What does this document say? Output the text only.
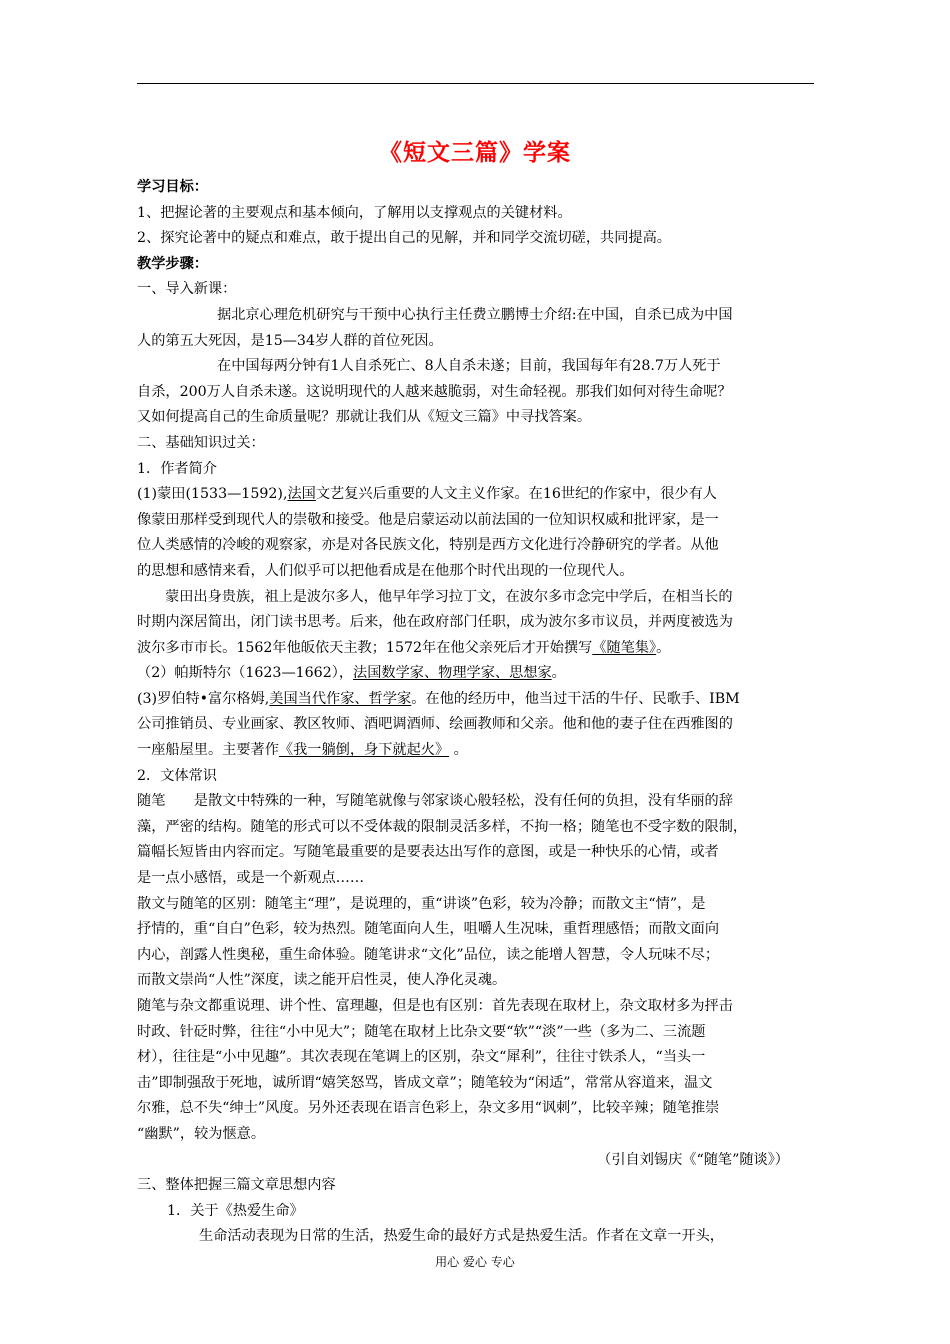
《短文三篇》学案

学习目标：

1、把握论著的主要观点和基本倾向，了解用以支撑观点的关键材料。

2、探究论著中的疑点和难点，敢于提出自己的见解，并和同学交流切磋，共同提高。

教学步骤：

一、导入新课：

据北京心理危机研究与干预中心执行主任费立鹏博士介绍:在中国，自杀已成为中国

人的第五大死因，是15—34岁人群的首位死因。

在中国每两分钟有1人自杀死亡、8人自杀未遂；目前，我国每年有28.7万人死于

自杀，200万人自杀未遂。这说明现代的人越来越脆弱，对生命轻视。那我们如何对待生命呢？

又如何提高自己的生命质量呢？那就让我们从《短文三篇》中寻找答案。

二、基础知识过关：

1．作者简介

(1)蒙田(1533—1592),法国文艺复兴后重要的人文主义作家。在16世纪的作家中，很少有人

像蒙田那样受到现代人的崇敬和接受。他是启蒙运动以前法国的一位知识权威和批评家，是一

位人类感情的冷峻的观察家，亦是对各民族文化，特别是西方文化进行冷静研究的学者。从他

的思想和感情来看，人们似乎可以把他看成是在他那个时代出现的一位现代人。

蒙田出身贵族，祖上是波尔多人，他早年学习拉丁文，在波尔多市念完中学后，在相当长的

时期内深居简出，闭门读书思考。后来，他在政府部门任职，成为波尔多市议员，并两度被选为

波尔多市市长。1562年他皈依天主教；1572年在他父亲死后才开始撰写《随笔集》。

（2）帕斯特尔（1623—1662），法国数学家、物理学家、思想家。

(3)罗伯特•富尔格姆,美国当代作家、哲学家。在他的经历中，他当过干活的牛仔、民歌手、IBM

公司推销员、专业画家、教区牧师、酒吧调酒师、绘画教师和父亲。他和他的妻子住在西雅图的

一座船屋里。主要著作《我一躺倒，身下就起火》 。

2．文体常识

随笔　　是散文中特殊的一种，写随笔就像与邻家谈心般轻松，没有任何的负担，没有华丽的辞

藻，严密的结构。随笔的形式可以不受体裁的限制灵活多样，不拘一格；随笔也不受字数的限制，

篇幅长短皆由内容而定。写随笔最重要的是要表达出写作的意图，或是一种快乐的心情，或者

是一点小感悟，或是一个新观点……

散文与随笔的区别：随笔主“理”，是说理的，重“讲谈”色彩，较为冷静；而散文主“情”，是

抒情的，重“自白”色彩，较为热烈。随笔面向人生，咀嚼人生况味，重哲理感悟；而散文面向

内心，剖露人性奥秘，重生命体验。随笔讲求“文化”品位，读之能增人智慧，令人玩味不尽；

而散文崇尚“人性”深度，读之能开启性灵，使人净化灵魂。

随笔与杂文都重说理、讲个性、富理趣，但是也有区别：首先表现在取材上，杂文取材多为抨击

时政、针砭时弊，往往“小中见大”；随笔在取材上比杂文要“软”“淡”一些（多为二、三流题

材），往往是“小中见趣”。其次表现在笔调上的区别，杂文“犀利”，往往寸铁杀人，“当头一

击”即制强敌于死地，诚所谓“嬉笑怒骂，皆成文章”；随笔较为“闲适”，常常从容道来，温文

尔雅，总不失“绅士”风度。另外还表现在语言色彩上，杂文多用“讽刺”，比较辛辣；随笔推崇

“幽默”，较为惬意。

（引自刘锡庆《“随笔”随谈》）

三、整体把握三篇文章思想内容

1．关于《热爱生命》

生命活动表现为日常的生活，热爱生命的最好方式是热爱生活。作者在文章一开头，

用心 爱心 专心
